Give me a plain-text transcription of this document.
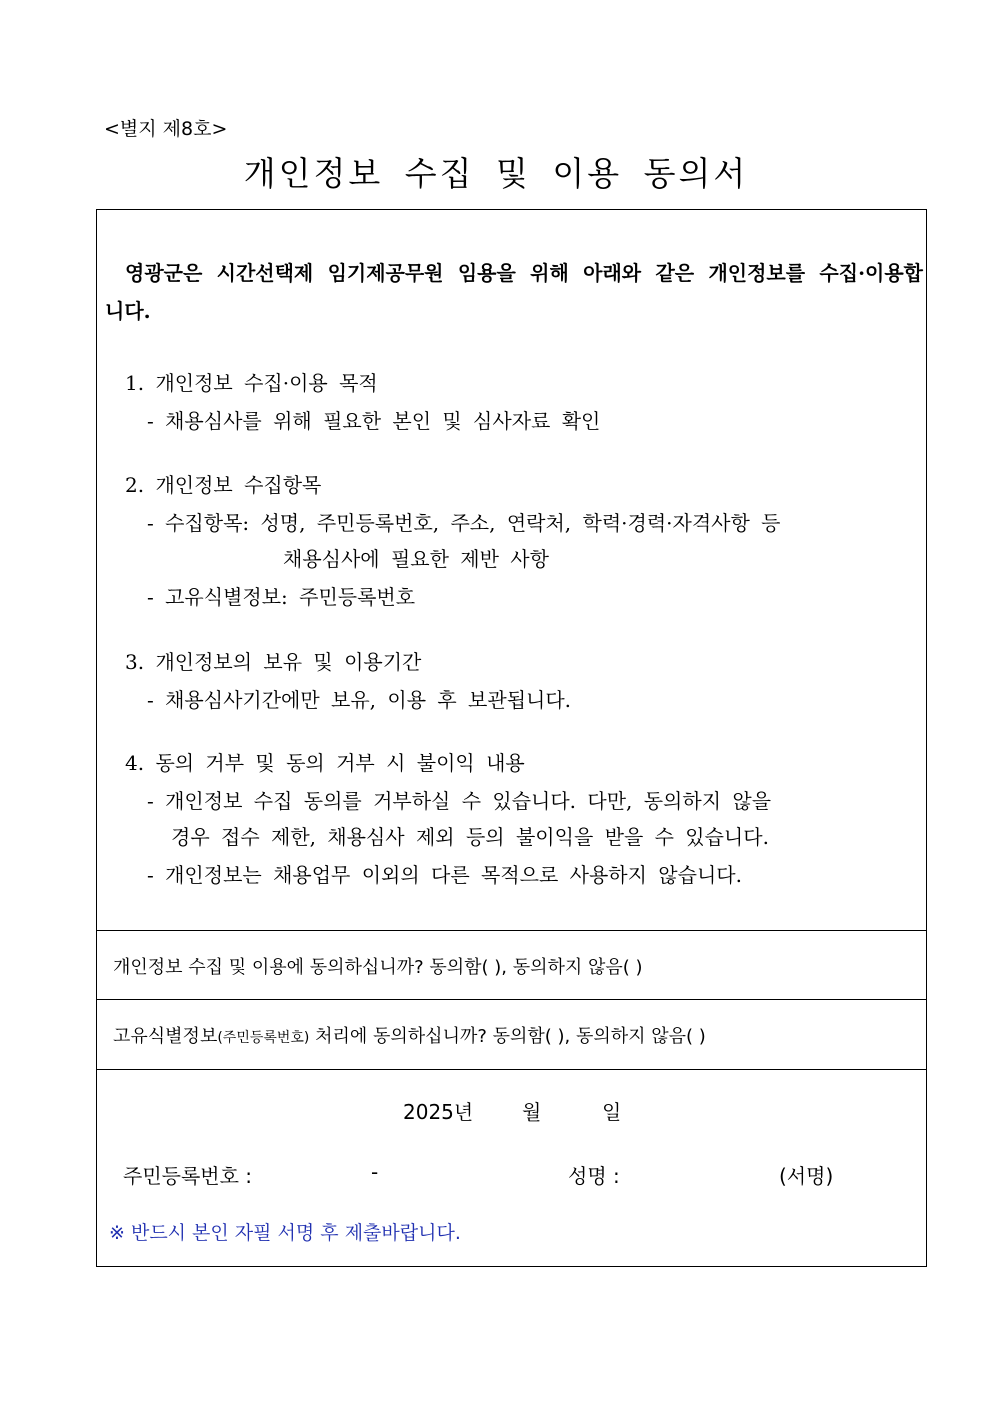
<별지 제8호>
개인정보 수집 및 이용 동의서
영광군은 시간선택제 임기제공무원 임용을 위해 아래와 같은 개인정보를 수집·이용합니다.
1. 개인정보 수집·이용 목적
- 채용심사를 위해 필요한 본인 및 심사자료 확인
2. 개인정보 수집항목
- 수집항목: 성명, 주민등록번호, 주소, 연락처, 학력·경력·자격사항 등
채용심사에 필요한 제반 사항
- 고유식별정보: 주민등록번호
3. 개인정보의 보유 및 이용기간
- 채용심사기간에만 보유, 이용 후 보관됩니다.
4. 동의 거부 및 동의 거부 시 불이익 내용
- 개인정보 수집 동의를 거부하실 수 있습니다. 다만, 동의하지 않을
경우 접수 제한, 채용심사 제외 등의 불이익을 받을 수 있습니다.
- 개인정보는 채용업무 이외의 다른 목적으로 사용하지 않습니다.
개인정보 수집 및 이용에 동의하십니까? 동의함( ), 동의하지 않음( )
고유식별정보(주민등록번호) 처리에 동의하십니까? 동의함( ), 동의하지 않음( )
2025년 월	일
주민등록번호 :	-	성명 :	(서명)
※ 반드시 본인 자필 서명 후 제출바랍니다.
